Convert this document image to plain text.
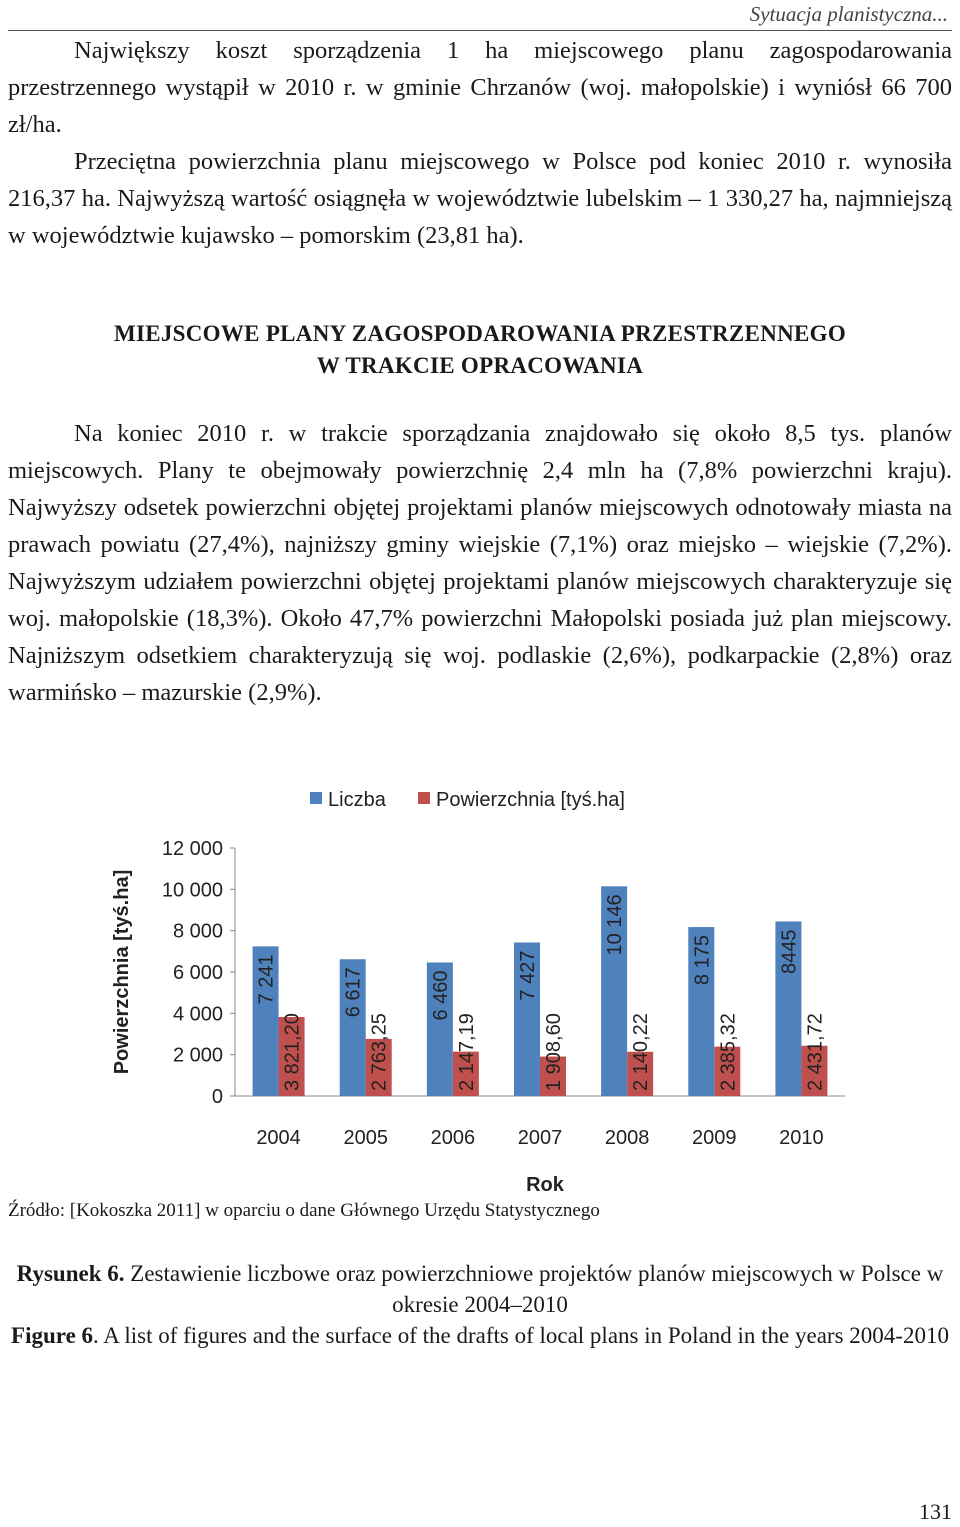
Sytuacja planistyczna...

Największy koszt sporządzenia 1 ha miejscowego planu zagospodarowania przestrzennego wystąpił w 2010 r. w gminie Chrzanów (woj. małopolskie) i wyniósł 66 700 zł/ha.

Przeciętna powierzchnia planu miejscowego w Polsce pod koniec 2010 r. wynosiła 216,37 ha. Najwyższą wartość osiągnęła w województwie lubelskim – 1 330,27 ha, najmniejszą w województwie kujawsko – pomorskim (23,81 ha).

MIEJSCOWE PLANY ZAGOSPODAROWANIA PRZESTRZENNEGO
W TRAKCIE OPRACOWANIA

Na koniec 2010 r. w trakcie sporządzania znajdowało się około 8,5 tys. planów miejscowych. Plany te obejmowały powierzchnię 2,4 mln ha (7,8% powierzchni kraju). Najwyższy odsetek powierzchni objętej projektami planów miejscowych odnotowały miasta na prawach powiatu (27,4%), najniższy gminy wiejskie (7,1%) oraz miejsko – wiejskie (7,2%). Najwyższym udziałem powierzchni objętej projektami planów miejscowych charakteryzuje się woj. małopolskie (18,3%). Około 47,7% powierzchni Małopolski posiada już plan miejscowy. Najniższym odsetkiem charakteryzują się woj. podlaskie (2,6%), podkarpackie (2,8%) oraz warmińsko – mazurskie (2,9%).

0
2 000
4 000
6 000
8 000
10 000
12 000
Powierzchnia [tyś.ha]	7 241
3 821,20
2004
6 617
2 763,25
2005
6 460
2 147,19
2006
7 427
1 908,60
2007
10 146
2 140,22
2008
8 175
2 385,32
2009
8445
2 431,72
2010
Rok
Liczba	Powierzchnia [tyś.ha]
Źródło: [Kokoszka 2011] w oparciu o dane Głównego Urzędu Statystycznego
Rysunek 6. Zestawienie liczbowe oraz powierzchniowe projektów planów miejscowych w Polsce w okresie 2004–2010
Figure 6. A list of figures and the surface of the drafts of local plans in Poland in the years 2004-2010
131
